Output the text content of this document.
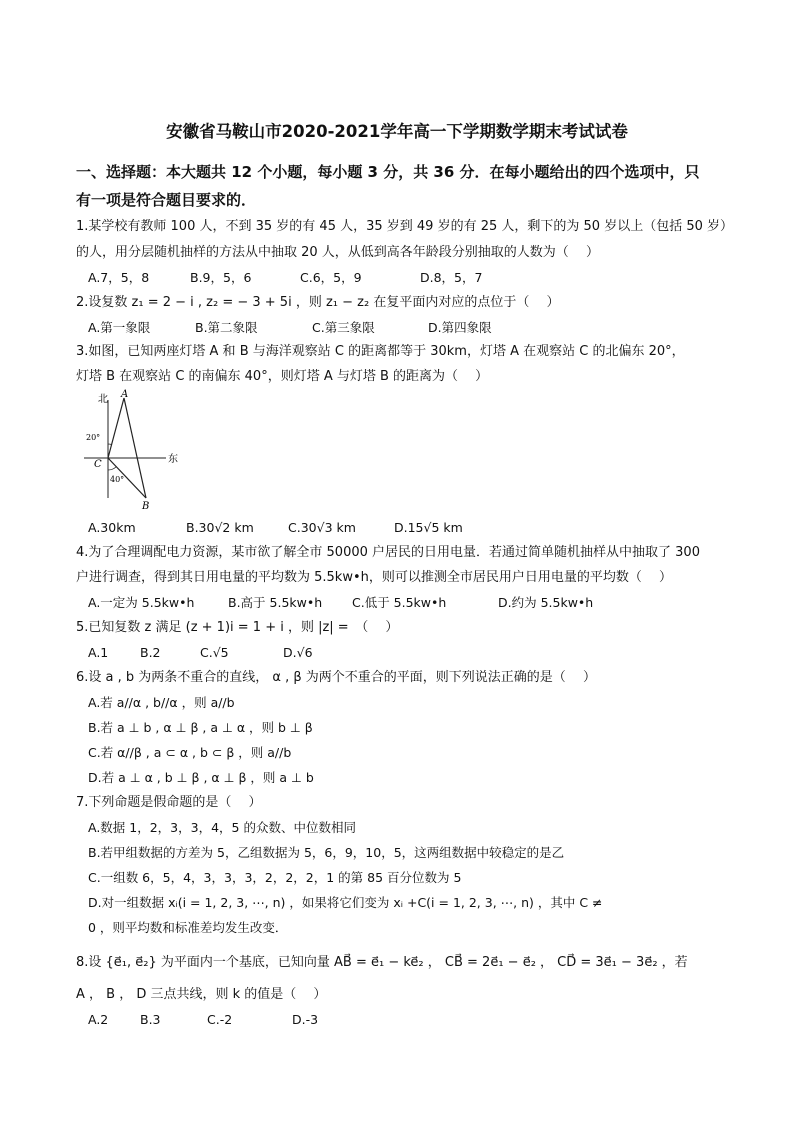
安徽省马鞍山市2020-2021学年高一下学期数学期末考试试卷
一、选择题：本大题共 12 个小题，每小题 3 分，共 36 分．在每小题给出的四个选项中，只
有一项是符合题目要求的．
1.某学校有教师 100 人，不到 35 岁的有 45 人，35 岁到 49 岁的有 25 人，剩下的为 50 岁以上（包括 50 岁）
的人，用分层随机抽样的方法从中抽取 20 人，从低到高各年龄段分别抽取的人数为（　 ）
A.7，5，8	B.9，5，6	C.6，5，9	D.8，5，7
2.设复数 z₁ = 2 − i , z₂ = − 3 + 5i ，则 z₁ − z₂ 在复平面内对应的点位于（　 ）
A.第一象限	B.第二象限	C.第三象限	D.第四象限
3.如图，已知两座灯塔 A 和 B 与海洋观察站 C 的距离都等于 30km，灯塔 A 在观察站 C 的北偏东 20°，
灯塔 B 在观察站 C 的南偏东 40°，则灯塔 A 与灯塔 B 的距离为（　 ）
北
东
A
B
C
20°
40°
A.30km	B.30√2 km	C.30√3 km	D.15√5 km
4.为了合理调配电力资源，某市欲了解全市 50000 户居民的日用电量．若通过简单随机抽样从中抽取了 300
户进行调查，得到其日用电量的平均数为 5.5kw•h，则可以推测全市居民用户日用电量的平均数（　 ）
A.一定为 5.5kw•h	B.高于 5.5kw•h C.低于 5.5kw•h	D.约为 5.5kw•h
5.已知复数 z 满足 (z + 1)i = 1 + i ，则 |z| =　（　 ）
A.1	B.2	C.√5	D.√6
6.设 a , b 为两条不重合的直线， α , β 为两个不重合的平面，则下列说法正确的是（　 ）
A.若 a//α , b//α ，则 a//b
B.若 a ⊥ b , α ⊥ β , a ⊥ α ，则 b ⊥ β
C.若 α//β , a ⊂ α , b ⊂ β ，则 a//b
D.若 a ⊥ α , b ⊥ β , α ⊥ β ，则 a ⊥ b
7.下列命题是假命题的是（　 ）
A.数据 1，2，3，3，4，5 的众数、中位数相同
B.若甲组数据的方差为 5，乙组数据为 5，6，9，10，5，这两组数据中较稳定的是乙
C.一组数 6，5，4，3，3，3，2，2，2，1 的第 85 百分位数为 5
D.对一组数据 xᵢ(i = 1, 2, 3, ⋯, n) ，如果将它们变为 xᵢ +C(i = 1, 2, 3, ⋯, n) ，其中 C ≠
0 ，则平均数和标准差均发生改变．
8.设 {e⃗₁, e⃗₂} 为平面内一个基底，已知向量 AB⃗ = e⃗₁ − ke⃗₂ ， CB⃗ = 2e⃗₁ − e⃗₂ ， CD⃗ = 3e⃗₁ − 3e⃗₂ ，若
A ， B ， D 三点共线，则 k 的值是（　 ）
A.2	B.3	C.-2	D.-3
